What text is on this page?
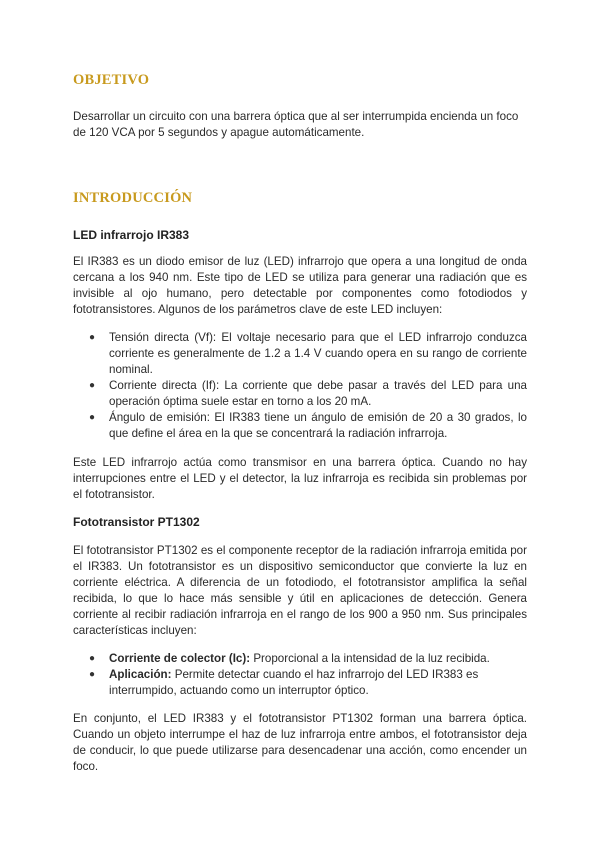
OBJETIVO

Desarrollar un circuito con una barrera óptica que al ser interrumpida encienda un foco de 120 VCA por 5 segundos y apague automáticamente.

INTRODUCCIÓN
LED infrarrojo IR383

El IR383 es un diodo emisor de luz (LED) infrarrojo que opera a una longitud de onda cercana a los 940 nm. Este tipo de LED se utiliza para generar una radiación que es invisible al ojo humano, pero detectable por componentes como fotodiodos y fototransistores. Algunos de los parámetros clave de este LED incluyen:

● Tensión directa (Vf): El voltaje necesario para que el LED infrarrojo conduzca corriente es generalmente de 1.2 a 1.4 V cuando opera en su rango de corriente nominal.
● Corriente directa (If): La corriente que debe pasar a través del LED para una operación óptima suele estar en torno a los 20 mA.
● Ángulo de emisión: El IR383 tiene un ángulo de emisión de 20 a 30 grados, lo que define el área en la que se concentrará la radiación infrarroja.

Este LED infrarrojo actúa como transmisor en una barrera óptica. Cuando no hay interrupciones entre el LED y el detector, la luz infrarroja es recibida sin problemas por el fototransistor.

Fototransistor PT1302

El fototransistor PT1302 es el componente receptor de la radiación infrarroja emitida por el IR383. Un fototransistor es un dispositivo semiconductor que convierte la luz en corriente eléctrica. A diferencia de un fotodiodo, el fototransistor amplifica la señal recibida, lo que lo hace más sensible y útil en aplicaciones de detección. Genera corriente al recibir radiación infrarroja en el rango de los 900 a 950 nm. Sus principales características incluyen:

● Corriente de colector (Ic): Proporcional a la intensidad de la luz recibida.
● Aplicación: Permite detectar cuando el haz infrarrojo del LED IR383 es interrumpido, actuando como un interruptor óptico.

En conjunto, el LED IR383 y el fototransistor PT1302 forman una barrera óptica. Cuando un objeto interrumpe el haz de luz infrarroja entre ambos, el fototransistor deja de conducir, lo que puede utilizarse para desencadenar una acción, como encender un foco.
